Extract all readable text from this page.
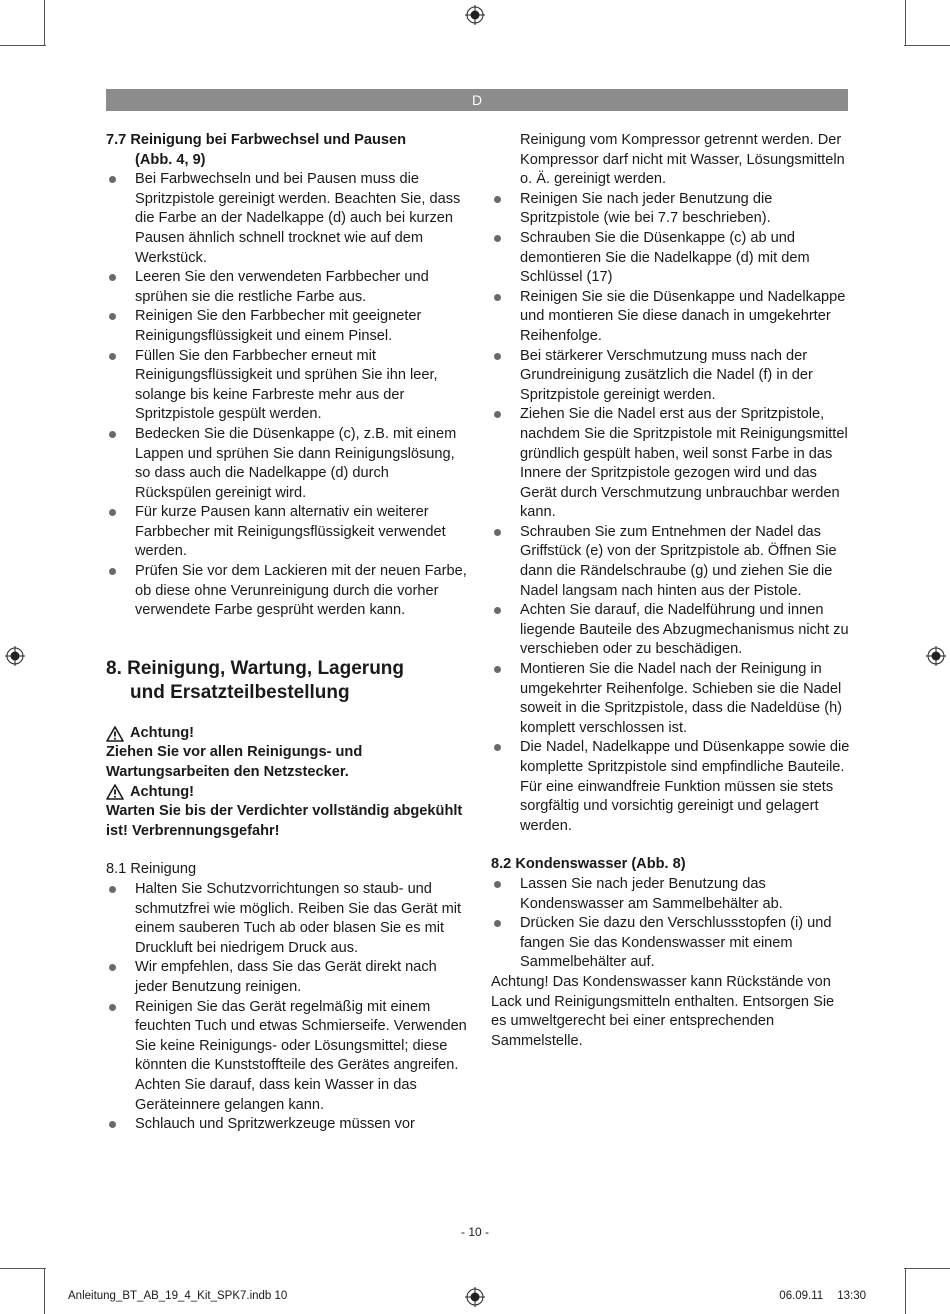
D

7.7 Reinigung bei Farbwechsel und Pausen
(Abb. 4, 9)

Bei Farbwechseln und bei Pausen muss die Spritzpistole gereinigt werden. Beachten Sie, dass die Farbe an der Nadelkappe (d) auch bei kurzen Pausen ähnlich schnell trocknet wie auf dem Werkstück.
Leeren Sie den verwendeten Farbbecher und sprühen sie die restliche Farbe aus.
Reinigen Sie den Farbbecher mit geeigneter Reinigungsflüssigkeit und einem Pinsel.
Füllen Sie den Farbbecher erneut mit Reinigungsflüssigkeit und sprühen Sie ihn leer, solange bis keine Farbreste mehr aus der Spritzpistole gespült werden.
Bedecken Sie die Düsenkappe (c), z.B. mit einem Lappen und sprühen Sie dann Reinigungslösung, so dass auch die Nadelkappe (d) durch Rückspülen gereinigt wird.
Für kurze Pausen kann alternativ ein weiterer Farbbecher mit Reinigungsflüssigkeit verwendet werden.
Prüfen Sie vor dem Lackieren mit der neuen Farbe, ob diese ohne Verunreinigung durch die vorher verwendete Farbe gesprüht werden kann.

8. Reinigung, Wartung, Lagerung
und Ersatzteilbestellung

Achtung!

Ziehen Sie vor allen Reinigungs- und Wartungsarbeiten den Netzstecker.

Achtung!

Warten Sie bis der Verdichter vollständig abgekühlt ist! Verbrennungsgefahr!

8.1 Reinigung

Halten Sie Schutzvorrichtungen so staub- und schmutzfrei wie möglich. Reiben Sie das Gerät mit einem sauberen Tuch ab oder blasen Sie es mit Druckluft bei niedrigem Druck aus.
Wir empfehlen, dass Sie das Gerät direkt nach jeder Benutzung reinigen.
Reinigen Sie das Gerät regelmäßig mit einem feuchten Tuch und etwas Schmierseife. Verwenden Sie keine Reinigungs- oder Lösungsmittel; diese könnten die Kunststoffteile des Gerätes angreifen. Achten Sie darauf, dass kein Wasser in das Geräteinnere gelangen kann.
Schlauch und Spritzwerkzeuge müssen vor

Reinigung vom Kompressor getrennt werden. Der Kompressor darf nicht mit Wasser, Lösungsmitteln o. Ä. gereinigt werden.

Reinigen Sie nach jeder Benutzung die Spritzpistole (wie bei 7.7 beschrieben).
Schrauben Sie die Düsenkappe (c) ab und demontieren Sie die Nadelkappe (d) mit dem Schlüssel (17)
Reinigen Sie sie die Düsenkappe und Nadelkappe und montieren Sie diese danach in umgekehrter Reihenfolge.
Bei stärkerer Verschmutzung muss nach der Grundreinigung zusätzlich die Nadel (f) in der Spritzpistole gereinigt werden.
Ziehen Sie die Nadel erst aus der Spritzpistole, nachdem Sie die Spritzpistole mit Reinigungsmittel gründlich gespült haben, weil sonst Farbe in das Innere der Spritzpistole gezogen wird und das Gerät durch Verschmutzung unbrauchbar werden kann.
Schrauben Sie zum Entnehmen der Nadel das Griffstück (e) von der Spritzpistole ab. Öffnen Sie dann die Rändelschraube (g) und ziehen Sie die Nadel langsam nach hinten aus der Pistole.
Achten Sie darauf, die Nadelführung und innen liegende Bauteile des Abzugmechanismus nicht zu verschieben oder zu beschädigen.
Montieren Sie die Nadel nach der Reinigung in umgekehrter Reihenfolge. Schieben sie die Nadel soweit in die Spritzpistole, dass die Nadeldüse (h) komplett verschlossen ist.
Die Nadel, Nadelkappe und Düsenkappe sowie die komplette Spritzpistole sind empfindliche Bauteile. Für eine einwandfreie Funktion müssen sie stets sorgfältig und vorsichtig gereinigt und gelagert werden.

8.2 Kondenswasser (Abb. 8)

Lassen Sie nach jeder Benutzung das Kondenswasser am Sammelbehälter ab.
Drücken Sie dazu den Verschlussstopfen (i) und fangen Sie das Kondenswasser mit einem Sammelbehälter auf.

Achtung! Das Kondenswasser kann Rückstände von Lack und Reinigungsmitteln enthalten. Entsorgen Sie es umweltgerecht bei einer entsprechenden Sammelstelle.

- 10 -
Anleitung_BT_AB_19_4_Kit_SPK7.indb 10	06.09.11 13:30
